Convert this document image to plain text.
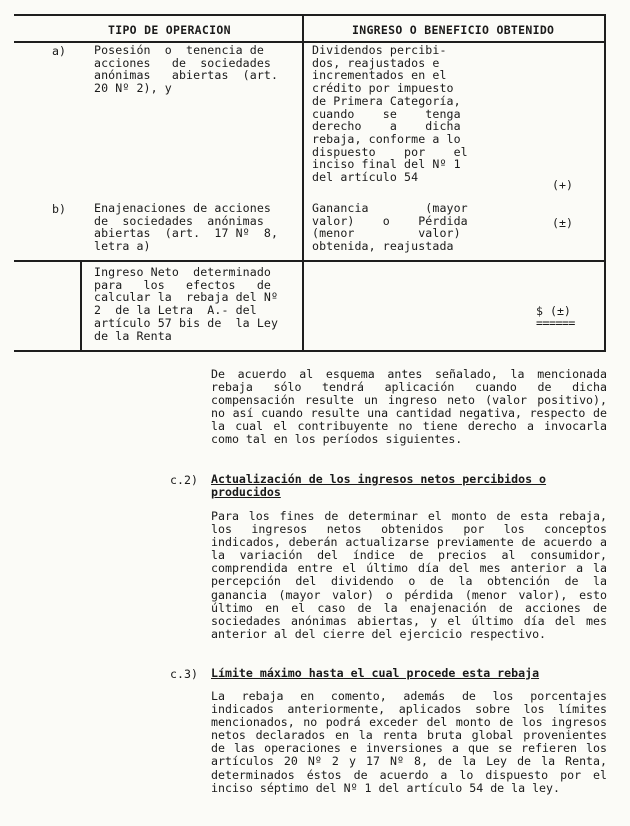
TIPO DE OPERACION	INGRESO O BENEFICIO OBTENIDO
a) Posesión  o  tenencia de
acciones   de  sociedades
anónimas   abiertas  (art.
20 Nº 2), y
Dividendos percibi-
dos, reajustados e
incrementados en el
crédito por impuesto
de Primera Categoría,
cuando    se    tenga
derecho    a    dicha
rebaja, conforme a lo
dispuesto    por    el
inciso final del Nº 1
del artículo 54
(+)
b) Enajenaciones de acciones
de  sociedades  anónimas
abiertas  (art.  17 Nº  8,
letra a)
Ganancia        (mayor
valor)    o    Pérdida
(menor         valor)
obtenida, reajustada
(±)
Ingreso Neto  determinado
para   los   efectos   de
calcular la  rebaja del Nº
2  de la Letra  A.- del
artículo 57 bis de  la Ley
de la Renta
$ (±)
======

De acuerdo al esquema antes señalado, la mencionada rebaja sólo tendrá aplicación cuando de dicha compensación resulte un ingreso neto (valor positivo), no así cuando resulte una cantidad negativa, respecto de la cual el contribuyente no tiene derecho a invocarla como tal en los períodos siguientes.

c.2) Actualización de los ingresos netos percibidos o producidos

Para los fines de determinar el monto de esta rebaja, los ingresos netos obtenidos por los conceptos indicados, deberán actualizarse previamente de acuerdo a la variación del índice de precios al consumidor, comprendida entre el último día del mes anterior a la percepción del dividendo o de la obtención de la ganancia (mayor valor) o pérdida (menor valor), esto último en el caso de la enajenación de acciones de sociedades anónimas abiertas, y el último día del mes anterior al del cierre del ejercicio respectivo.

c.3) Límite máximo hasta el cual procede esta rebaja

La rebaja en comento, además de los porcentajes indicados anteriormente, aplicados sobre los límites mencionados, no podrá exceder del monto de los ingresos netos declarados en la renta bruta global provenientes de las operaciones e inversiones a que se refieren los artículos 20 Nº 2 y 17 Nº 8, de la Ley de la Renta, determinados éstos de acuerdo a lo dispuesto por el inciso séptimo del Nº 1 del artículo 54 de la ley.
